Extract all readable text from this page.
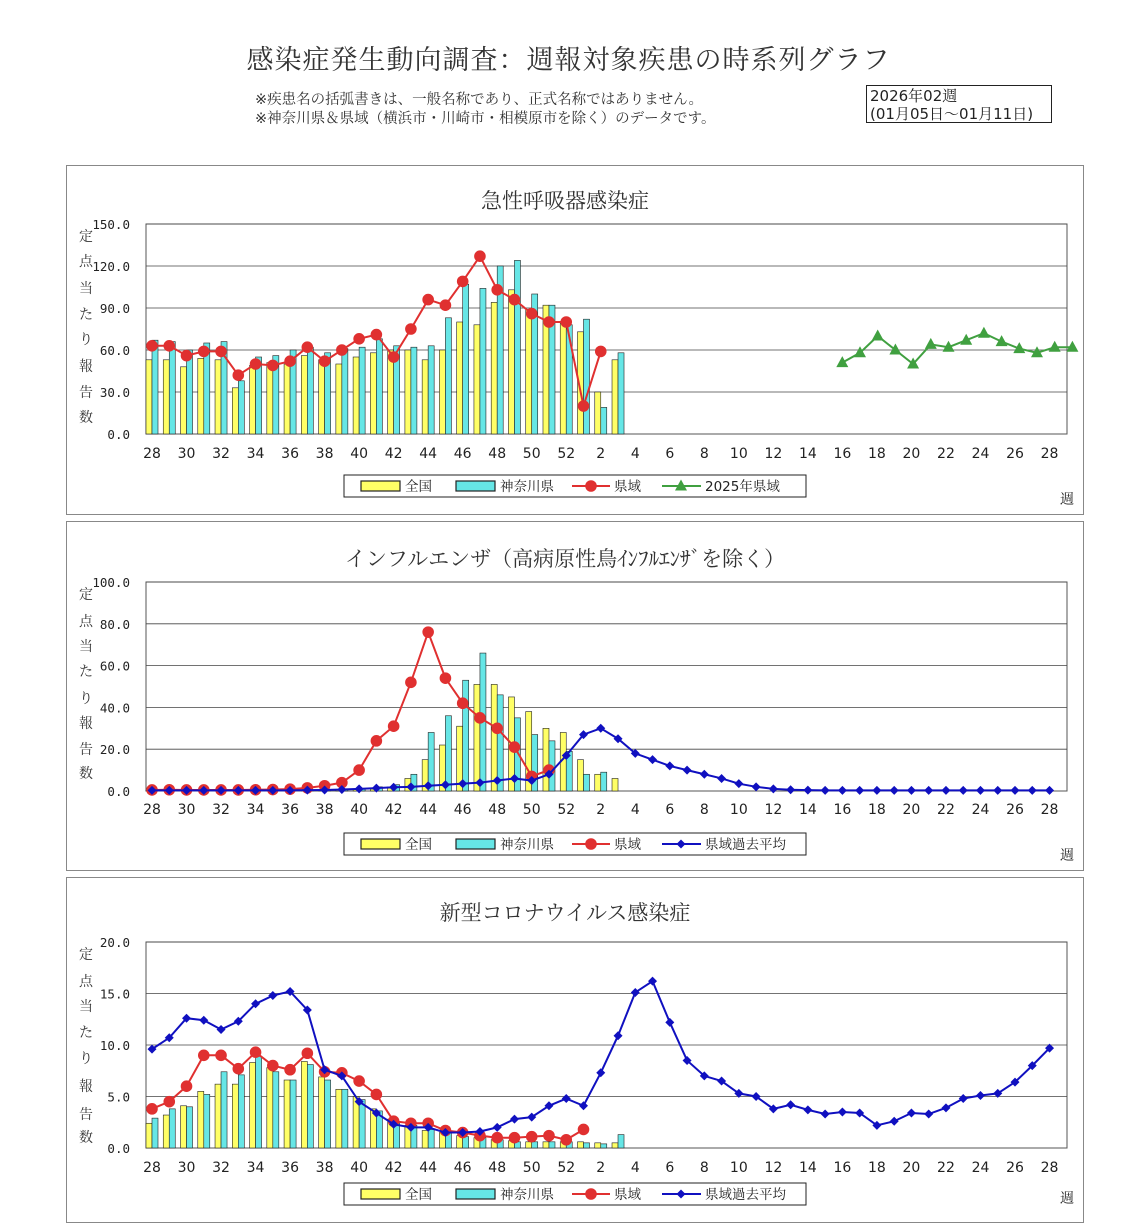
感染症発生動向調査：週報対象疾患の時系列グラフ
※疾患名の括弧書きは、一般名称であり、正式名称ではありません。
※神奈川県＆県域（横浜市・川崎市・相模原市を除く）のデータです。
2026年02週
(01月05日～01月11日)
急性呼吸器感染症
0.0
30.0
60.0
90.0
120.0
150.0
定
点
当
た
り
報
告
数
28 30 32 34 36 38 40 42 44 46 48 50 52 2 4 6 8 10 12 14 16 18 20 22 24 26 28
全国	神奈川県	県域	2025年県域
週
インフルエンザ（高病原性鳥ｲﾝﾌﾙｴﾝｻﾞを除く）
0.0
20.0
40.0
60.0
80.0
100.0
定
点
当
た
り
報
告
数
28 30 32 34 36 38 40 42 44 46 48 50 52 2 4 6 8 10 12 14 16 18 20 22 24 26 28
全国	神奈川県	県域	県域過去平均
週
新型コロナウイルス感染症
0.0
5.0
10.0
15.0
20.0
定
点
当
た
り
報
告
数
28 30 32 34 36 38 40 42 44 46 48 50 52 2 4 6 8 10 12 14 16 18 20 22 24 26 28
全国	神奈川県	県域	県域過去平均	週
